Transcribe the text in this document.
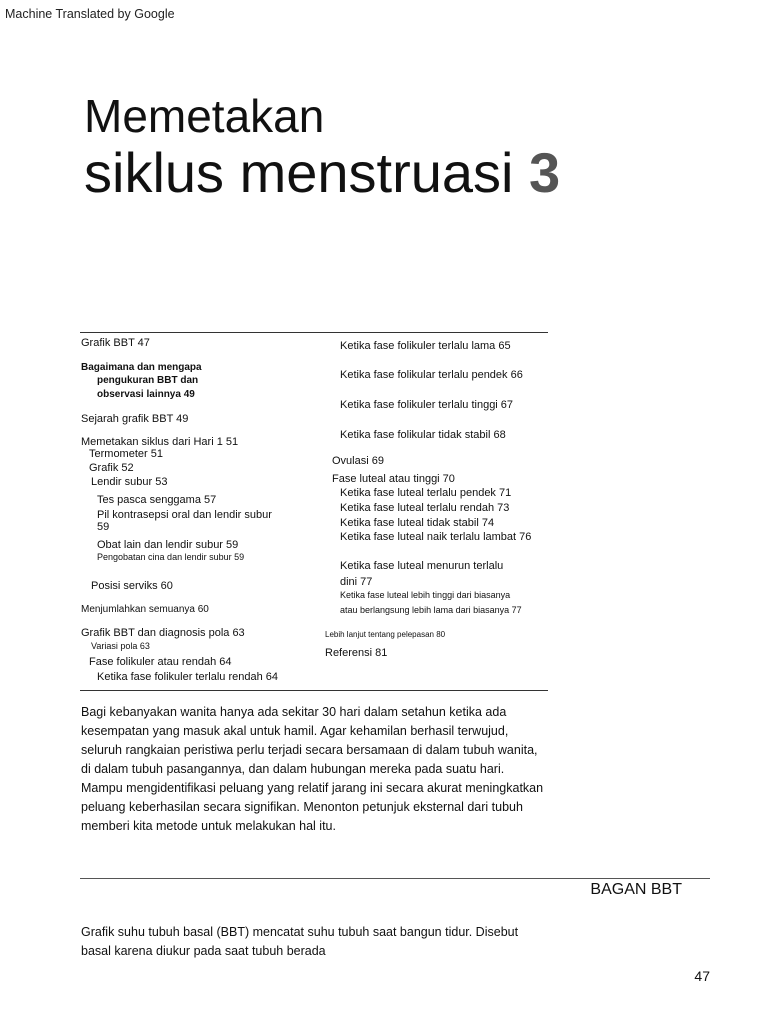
Machine Translated by Google
Memetakan
siklus menstruasi 3
Grafik BBT 47
Bagaimana dan mengapa
pengukuran BBT dan
observasi lainnya 49
Sejarah grafik BBT 49
Memetakan siklus dari Hari 1 51
Termometer 51
Grafik 52
Lendir subur 53
Tes pasca senggama 57
Pil kontrasepsi oral dan lendir subur
59
Obat lain dan lendir subur 59
Pengobatan cina dan lendir subur 59
Posisi serviks 60
Menjumlahkan semuanya 60
Grafik BBT dan diagnosis pola 63
Variasi pola 63
Fase folikuler atau rendah 64
Ketika fase folikuler terlalu rendah 64
Ketika fase folikuler terlalu lama 65
Ketika fase folikular terlalu pendek 66
Ketika fase folikuler terlalu tinggi 67
Ketika fase folikular tidak stabil 68
Ovulasi 69
Fase luteal atau tinggi 70
Ketika fase luteal terlalu pendek 71
Ketika fase luteal terlalu rendah 73
Ketika fase luteal tidak stabil 74
Ketika fase luteal naik terlalu lambat 76
Ketika fase luteal menurun terlalu
dini 77
Ketika fase luteal lebih tinggi dari biasanya
atau berlangsung lebih lama dari biasanya 77
Lebih lanjut tentang pelepasan 80
Referensi 81
Bagi kebanyakan wanita hanya ada sekitar 30 hari dalam setahun ketika ada
kesempatan yang masuk akal untuk hamil. Agar kehamilan berhasil terwujud,
seluruh rangkaian peristiwa perlu terjadi secara bersamaan di dalam tubuh wanita,
di dalam tubuh pasangannya, dan dalam hubungan mereka pada suatu hari.
Mampu mengidentifikasi peluang yang relatif jarang ini secara akurat meningkatkan
peluang keberhasilan secara signifikan. Menonton petunjuk eksternal dari tubuh
memberi kita metode untuk melakukan hal itu.
BAGAN BBT
Grafik suhu tubuh basal (BBT) mencatat suhu tubuh saat bangun tidur. Disebut
basal karena diukur pada saat tubuh berada
47
